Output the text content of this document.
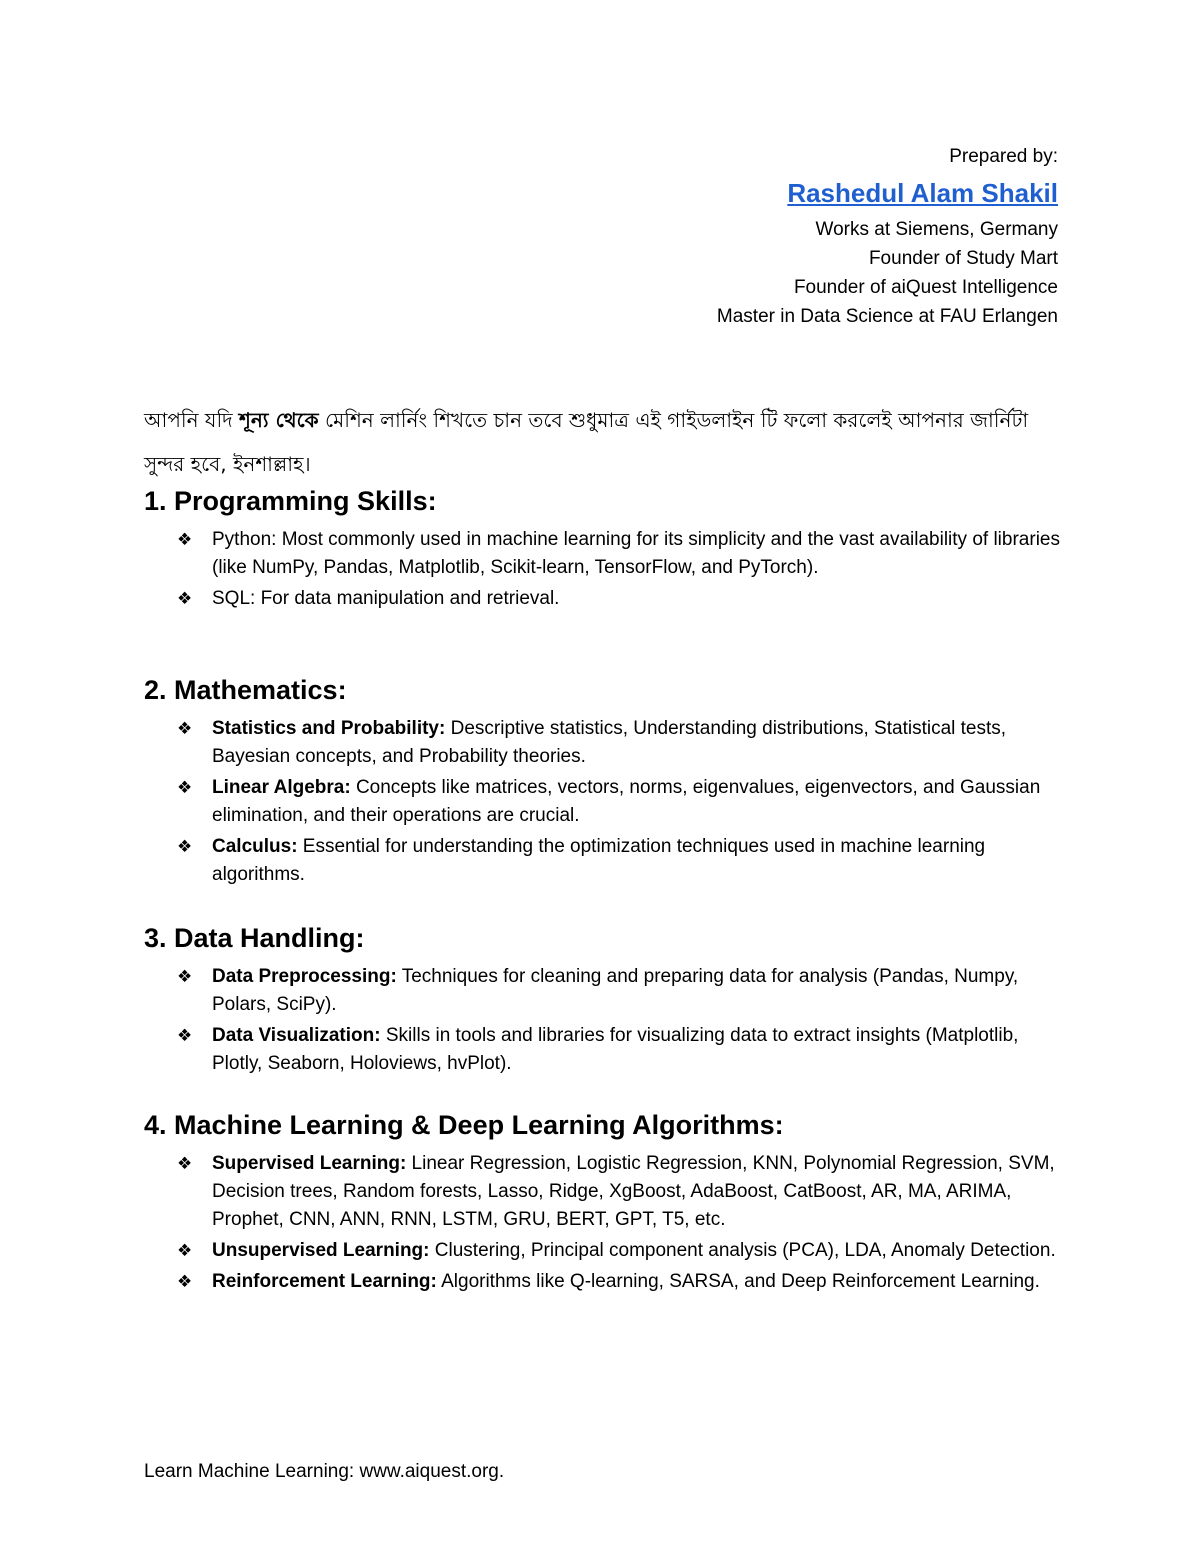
Prepared by:
Rashedul Alam Shakil
Works at Siemens, Germany
Founder of Study Mart
Founder of aiQuest Intelligence
Master in Data Science at FAU Erlangen

আপনি যদি শূন্য থেকে মেশিন লার্নিং শিখতে চান তবে শুধুমাত্র এই গাইডলাইন টি ফলো করলেই আপনার জার্নিটা সুন্দর হবে, ইনশাল্লাহ।

1. Programming Skills:
❖ Python: Most commonly used in machine learning for its simplicity and the vast availability of libraries (like NumPy, Pandas, Matplotlib, Scikit-learn, TensorFlow, and PyTorch).
❖ SQL: For data manipulation and retrieval.
2. Mathematics:
❖ Statistics and Probability: Descriptive statistics, Understanding distributions, Statistical tests, Bayesian concepts, and Probability theories.
❖ Linear Algebra: Concepts like matrices, vectors, norms, eigenvalues, eigenvectors, and Gaussian elimination, and their operations are crucial.
❖ Calculus: Essential for understanding the optimization techniques used in machine learning algorithms.
3. Data Handling:
❖ Data Preprocessing: Techniques for cleaning and preparing data for analysis (Pandas, Numpy, Polars, SciPy).
❖ Data Visualization: Skills in tools and libraries for visualizing data to extract insights (Matplotlib, Plotly, Seaborn, Holoviews, hvPlot).
4. Machine Learning & Deep Learning Algorithms:
❖ Supervised Learning: Linear Regression, Logistic Regression, KNN, Polynomial Regression, SVM, Decision trees, Random forests, Lasso, Ridge, XgBoost, AdaBoost, CatBoost, AR, MA, ARIMA, Prophet, CNN, ANN, RNN, LSTM, GRU, BERT, GPT, T5, etc.
❖ Unsupervised Learning: Clustering, Principal component analysis (PCA), LDA, Anomaly Detection.
❖ Reinforcement Learning: Algorithms like Q-learning, SARSA, and Deep Reinforcement Learning.
Learn Machine Learning: www.aiquest.org.
